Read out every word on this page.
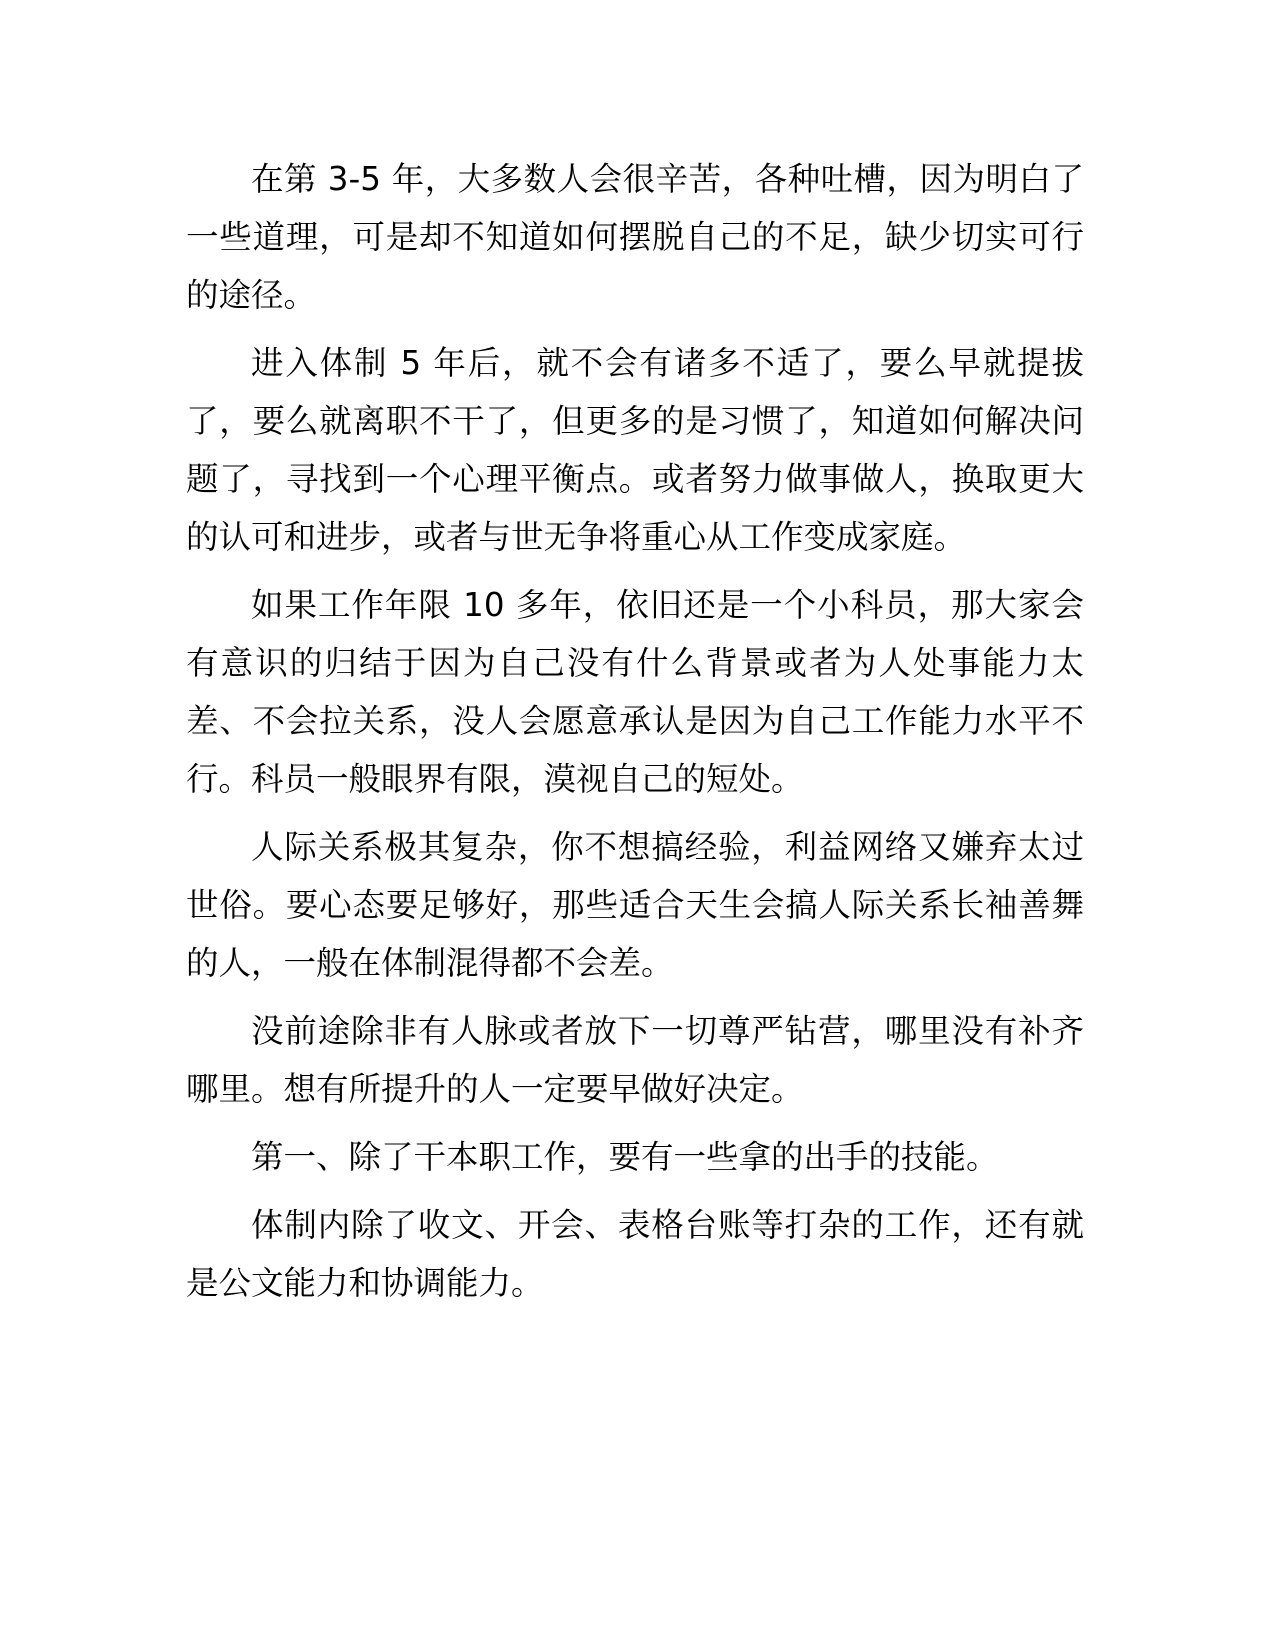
在第 3-5 年，大多数人会很辛苦，各种吐槽，因为明白了一些道理，可是却不知道如何摆脱自己的不足，缺少切实可行的途径。

进入体制 5 年后，就不会有诸多不适了，要么早就提拔了，要么就离职不干了，但更多的是习惯了，知道如何解决问题了，寻找到一个心理平衡点。或者努力做事做人，换取更大的认可和进步，或者与世无争将重心从工作变成家庭。

如果工作年限 10 多年，依旧还是一个小科员，那大家会有意识的归结于因为自己没有什么背景或者为人处事能力太差、不会拉关系，没人会愿意承认是因为自己工作能力水平不行。科员一般眼界有限，漠视自己的短处。

人际关系极其复杂，你不想搞经验，利益网络又嫌弃太过世俗。要心态要足够好，那些适合天生会搞人际关系长袖善舞的人，一般在体制混得都不会差。

没前途除非有人脉或者放下一切尊严钻营，哪里没有补齐哪里。想有所提升的人一定要早做好决定。

第一、除了干本职工作，要有一些拿的出手的技能。

体制内除了收文、开会、表格台账等打杂的工作，还有就是公文能力和协调能力。
